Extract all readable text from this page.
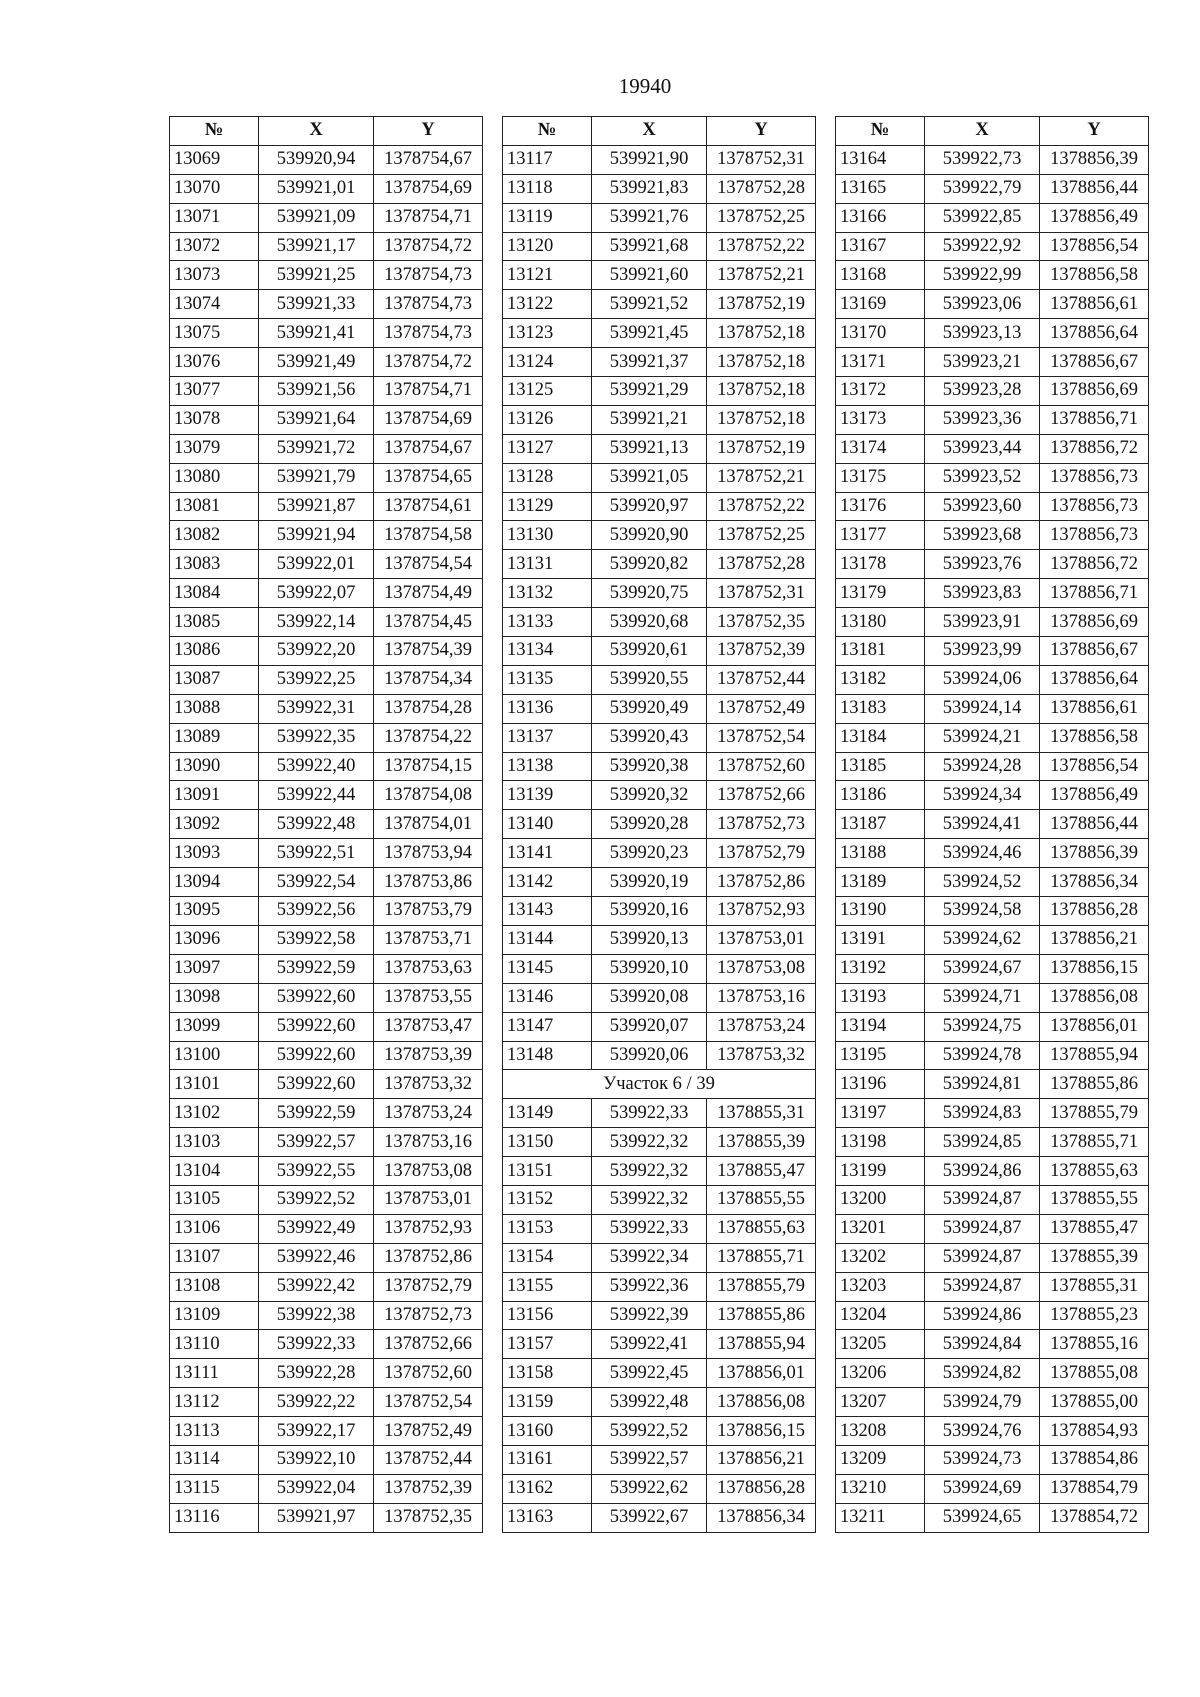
19940
№	X	Y
13069	539920,94	1378754,67
13070	539921,01	1378754,69
13071	539921,09	1378754,71
13072	539921,17	1378754,72
13073	539921,25	1378754,73
13074	539921,33	1378754,73
13075	539921,41	1378754,73
13076	539921,49	1378754,72
13077	539921,56	1378754,71
13078	539921,64	1378754,69
13079	539921,72	1378754,67
13080	539921,79	1378754,65
13081	539921,87	1378754,61
13082	539921,94	1378754,58
13083	539922,01	1378754,54
13084	539922,07	1378754,49
13085	539922,14	1378754,45
13086	539922,20	1378754,39
13087	539922,25	1378754,34
13088	539922,31	1378754,28
13089	539922,35	1378754,22
13090	539922,40	1378754,15
13091	539922,44	1378754,08
13092	539922,48	1378754,01
13093	539922,51	1378753,94
13094	539922,54	1378753,86
13095	539922,56	1378753,79
13096	539922,58	1378753,71
13097	539922,59	1378753,63
13098	539922,60	1378753,55
13099	539922,60	1378753,47
13100	539922,60	1378753,39
13101	539922,60	1378753,32
13102	539922,59	1378753,24
13103	539922,57	1378753,16
13104	539922,55	1378753,08
13105	539922,52	1378753,01
13106	539922,49	1378752,93
13107	539922,46	1378752,86
13108	539922,42	1378752,79
13109	539922,38	1378752,73
13110	539922,33	1378752,66
13111	539922,28	1378752,60
13112	539922,22	1378752,54
13113	539922,17	1378752,49
13114	539922,10	1378752,44
13115	539922,04	1378752,39
13116	539921,97	1378752,35
№	X	Y
13117	539921,90	1378752,31
13118	539921,83	1378752,28
13119	539921,76	1378752,25
13120	539921,68	1378752,22
13121	539921,60	1378752,21
13122	539921,52	1378752,19
13123	539921,45	1378752,18
13124	539921,37	1378752,18
13125	539921,29	1378752,18
13126	539921,21	1378752,18
13127	539921,13	1378752,19
13128	539921,05	1378752,21
13129	539920,97	1378752,22
13130	539920,90	1378752,25
13131	539920,82	1378752,28
13132	539920,75	1378752,31
13133	539920,68	1378752,35
13134	539920,61	1378752,39
13135	539920,55	1378752,44
13136	539920,49	1378752,49
13137	539920,43	1378752,54
13138	539920,38	1378752,60
13139	539920,32	1378752,66
13140	539920,28	1378752,73
13141	539920,23	1378752,79
13142	539920,19	1378752,86
13143	539920,16	1378752,93
13144	539920,13	1378753,01
13145	539920,10	1378753,08
13146	539920,08	1378753,16
13147	539920,07	1378753,24
13148	539920,06	1378753,32
Участок 6 / 39		
13149	539922,33	1378855,31
13150	539922,32	1378855,39
13151	539922,32	1378855,47
13152	539922,32	1378855,55
13153	539922,33	1378855,63
13154	539922,34	1378855,71
13155	539922,36	1378855,79
13156	539922,39	1378855,86
13157	539922,41	1378855,94
13158	539922,45	1378856,01
13159	539922,48	1378856,08
13160	539922,52	1378856,15
13161	539922,57	1378856,21
13162	539922,62	1378856,28
13163	539922,67	1378856,34
№	X	Y
13164	539922,73	1378856,39
13165	539922,79	1378856,44
13166	539922,85	1378856,49
13167	539922,92	1378856,54
13168	539922,99	1378856,58
13169	539923,06	1378856,61
13170	539923,13	1378856,64
13171	539923,21	1378856,67
13172	539923,28	1378856,69
13173	539923,36	1378856,71
13174	539923,44	1378856,72
13175	539923,52	1378856,73
13176	539923,60	1378856,73
13177	539923,68	1378856,73
13178	539923,76	1378856,72
13179	539923,83	1378856,71
13180	539923,91	1378856,69
13181	539923,99	1378856,67
13182	539924,06	1378856,64
13183	539924,14	1378856,61
13184	539924,21	1378856,58
13185	539924,28	1378856,54
13186	539924,34	1378856,49
13187	539924,41	1378856,44
13188	539924,46	1378856,39
13189	539924,52	1378856,34
13190	539924,58	1378856,28
13191	539924,62	1378856,21
13192	539924,67	1378856,15
13193	539924,71	1378856,08
13194	539924,75	1378856,01
13195	539924,78	1378855,94
13196	539924,81	1378855,86
13197	539924,83	1378855,79
13198	539924,85	1378855,71
13199	539924,86	1378855,63
13200	539924,87	1378855,55
13201	539924,87	1378855,47
13202	539924,87	1378855,39
13203	539924,87	1378855,31
13204	539924,86	1378855,23
13205	539924,84	1378855,16
13206	539924,82	1378855,08
13207	539924,79	1378855,00
13208	539924,76	1378854,93
13209	539924,73	1378854,86
13210	539924,69	1378854,79
13211	539924,65	1378854,72
